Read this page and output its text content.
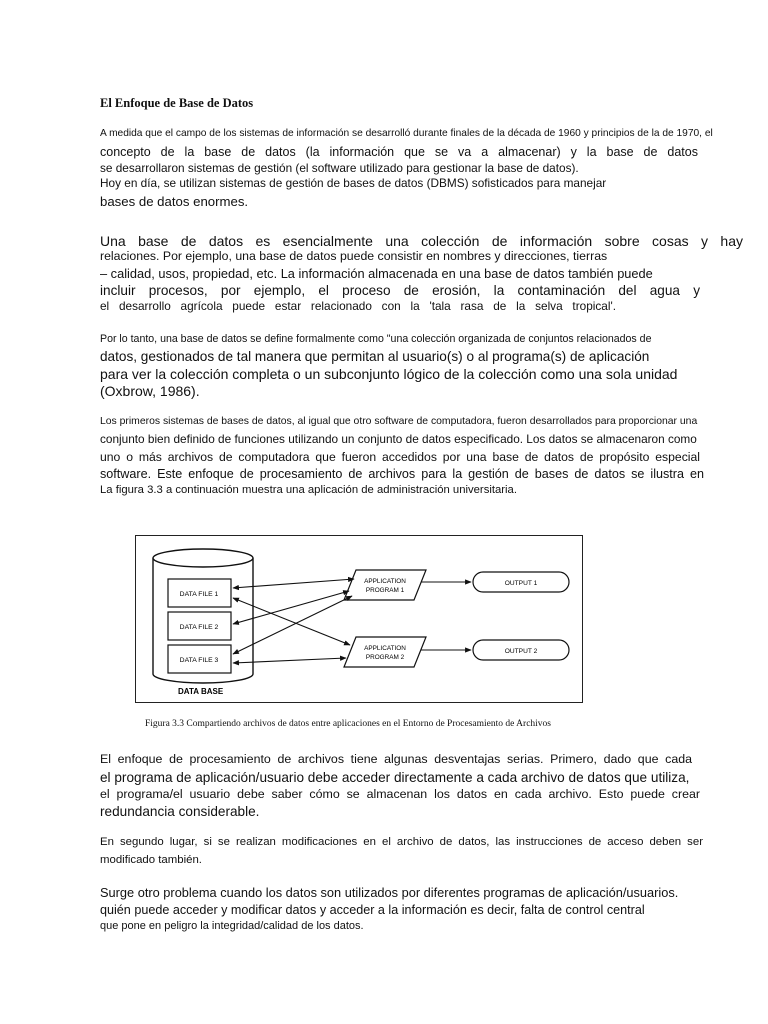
El Enfoque de Base de Datos
A medida que el campo de los sistemas de información se desarrolló durante finales de la década de 1960 y principios de la de 1970, el
concepto de la base de datos (la información que se va a almacenar) y la base de datos
se desarrollaron sistemas de gestión (el software utilizado para gestionar la base de datos).
Hoy en día, se utilizan sistemas de gestión de bases de datos (DBMS) sofisticados para manejar
bases de datos enormes.
Una base de datos es esencialmente una colección de información sobre cosas y hay
relaciones. Por ejemplo, una base de datos puede consistir en nombres y direcciones, tierras
– calidad, usos, propiedad, etc. La información almacenada en una base de datos también puede
incluir procesos, por ejemplo, el proceso de erosión, la contaminación del agua y
el desarrollo agrícola puede estar relacionado con la 'tala rasa de la selva tropical'.
Por lo tanto, una base de datos se define formalmente como "una colección organizada de conjuntos relacionados de
datos, gestionados de tal manera que permitan al usuario(s) o al programa(s) de aplicación
para ver la colección completa o un subconjunto lógico de la colección como una sola unidad
(Oxbrow, 1986).
Los primeros sistemas de bases de datos, al igual que otro software de computadora, fueron desarrollados para proporcionar una
conjunto bien definido de funciones utilizando un conjunto de datos especificado. Los datos se almacenaron como
uno o más archivos de computadora que fueron accedidos por una base de datos de propósito especial
software. Este enfoque de procesamiento de archivos para la gestión de bases de datos se ilustra en
La figura 3.3 a continuación muestra una aplicación de administración universitaria.
DATA FILE 1
DATA FILE 2
DATA FILE 3
DATA BASE
APPLICATION
PROGRAM 1
APPLICATION
PROGRAM 2
OUTPUT 1
OUTPUT 2

Figura 3.3 Compartiendo archivos de datos entre aplicaciones en el Entorno de Procesamiento de Archivos

El enfoque de procesamiento de archivos tiene algunas desventajas serias. Primero, dado que cada
el programa de aplicación/usuario debe acceder directamente a cada archivo de datos que utiliza,
el programa/el usuario debe saber cómo se almacenan los datos en cada archivo. Esto puede crear
redundancia considerable.
En segundo lugar, si se realizan modificaciones en el archivo de datos, las instrucciones de acceso deben ser
modificado también.
Surge otro problema cuando los datos son utilizados por diferentes programas de aplicación/usuarios.
quién puede acceder y modificar datos y acceder a la información es decir, falta de control central
que pone en peligro la integridad/calidad de los datos.
